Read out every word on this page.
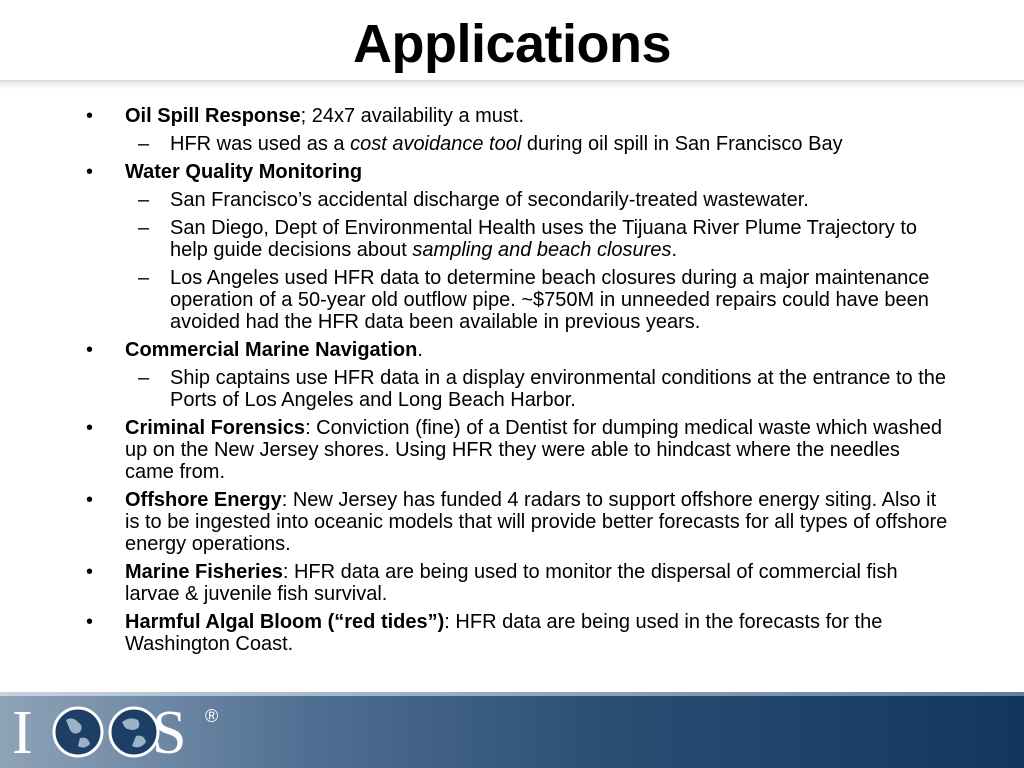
Applications
• Oil Spill Response; 24x7 availability a must.
– HFR was used as a cost avoidance tool during oil spill in San Francisco Bay
• Water Quality Monitoring
– San Francisco’s accidental discharge of secondarily-treated wastewater.
– San Diego, Dept of Environmental Health uses the Tijuana River Plume Trajectory to help guide decisions about sampling and beach closures.
– Los Angeles used HFR data to determine beach closures during a major maintenance operation of a 50-year old outflow pipe. ~$750M in unneeded repairs could have been avoided had the HFR data been available in previous years.
• Commercial Marine Navigation.
– Ship captains use HFR data in a display environmental conditions at the entrance to the Ports of Los Angeles and Long Beach Harbor.
• Criminal Forensics: Conviction (fine) of a Dentist for dumping medical waste which washed up on the New Jersey shores. Using HFR they were able to hindcast where the needles came from.
• Offshore Energy: New Jersey has funded 4 radars to support offshore energy siting. Also it is to be ingested into oceanic models that will provide better forecasts for all types of offshore energy operations.
• Marine Fisheries: HFR data are being used to monitor the dispersal of commercial fish larvae & juvenile fish survival.
• Harmful Algal Bloom (“red tides”): HFR data are being used in the forecasts for the Washington Coast.
I S ®
